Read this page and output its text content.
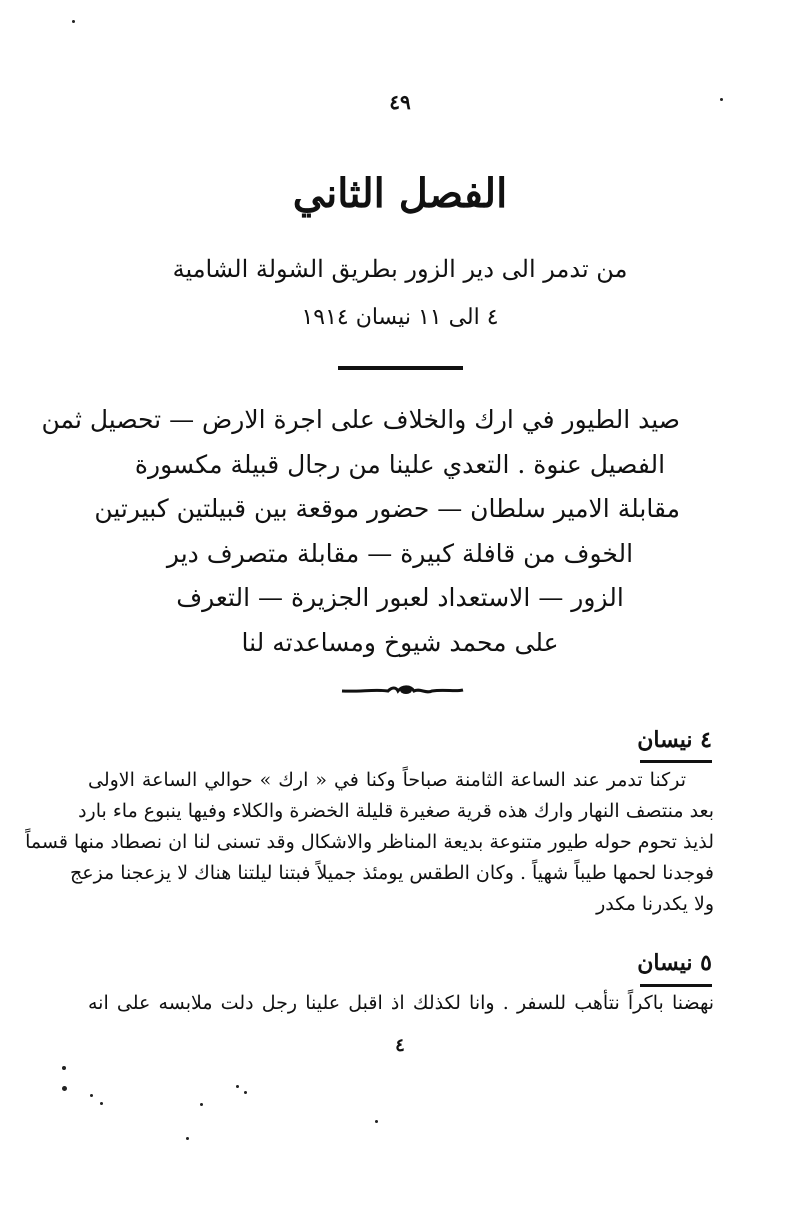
٤٩
الفصل الثاني
من تدمر الى دير الزور بطريق الشولة الشامية
٤ الى ١١ نيسان ١٩١٤
صيد الطيور في ارك والخلاف على اجرة الارض — تحصيل ثمن
الفصيل عنوة . التعدي علينا من رجال قبيلة مكسورة
مقابلة الامير سلطان — حضور موقعة بين قبيلتين كبيرتين
الخوف من قافلة كبيرة — مقابلة متصرف دير
الزور — الاستعداد لعبور الجزيرة — التعرف
على محمد شيوخ ومساعدته لنا
٤ نيسان
تركنا تدمر عند الساعة الثامنة صباحاً وكنا في « ارك » حوالي الساعة الاولى
بعد منتصف النهار وارك هذه قرية صغيرة قليلة الخضرة والكلاء وفيها ينبوع ماء بارد
لذيذ تحوم حوله طيور متنوعة بديعة المناظر والاشكال وقد تسنى لنا ان نصطاد منها قسماً
فوجدنا لحمها طيباً شهياً . وكان الطقس يومئذ جميلاً فبتنا ليلتنا هناك لا يزعجنا مزعج
ولا يكدرنا مكدر
٥ نيسان
نهضنا باكراً نتأهب للسفر . وانا لكذلك اذ اقبل علينا رجل دلت ملابسه على انه
٤
